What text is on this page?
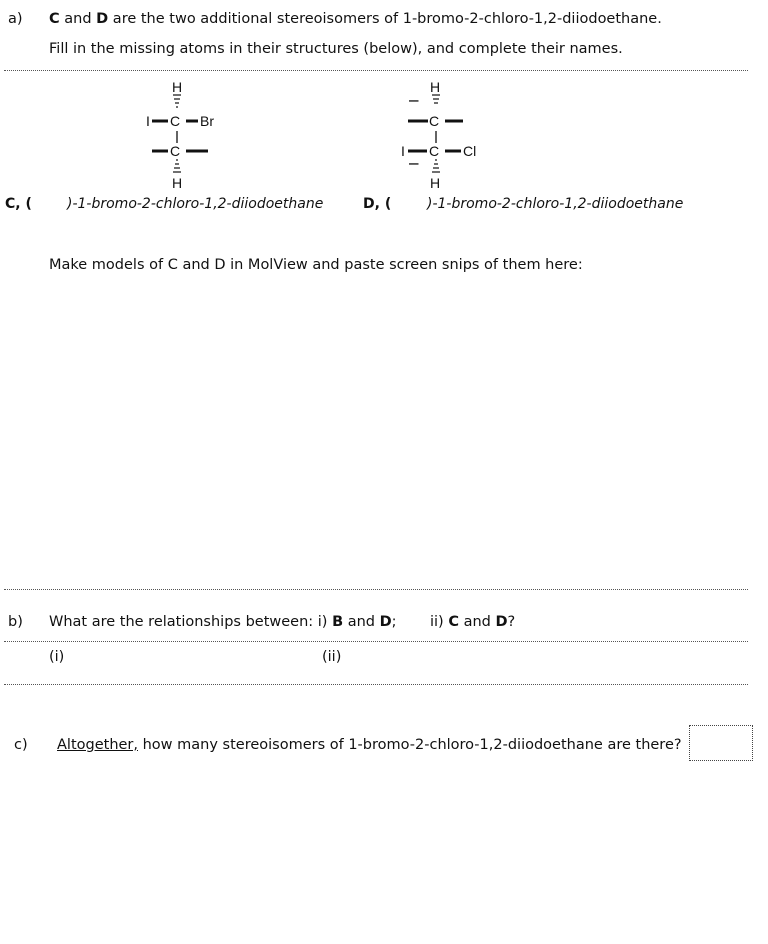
a) C and D are the two additional stereoisomers of 1-bromo-2-chloro-1,2-diiodoethane.
Fill in the missing atoms in their structures (below), and complete their names.
H
I C Br
C
H
H
C
I C Cl
H
I
I
C, (	)-1-bromo-2-chloro-1,2-diiodoethane	D, (	)-1-bromo-2-chloro-1,2-diiodoethane
Make models of C and D in MolView and paste screen snips of them here:
b) What are the relationships between: i) B and D; ii) C and D?
(i)	(ii)
c) Altogether, how many stereoisomers of 1-bromo-2-chloro-1,2-diiodoethane are there?
